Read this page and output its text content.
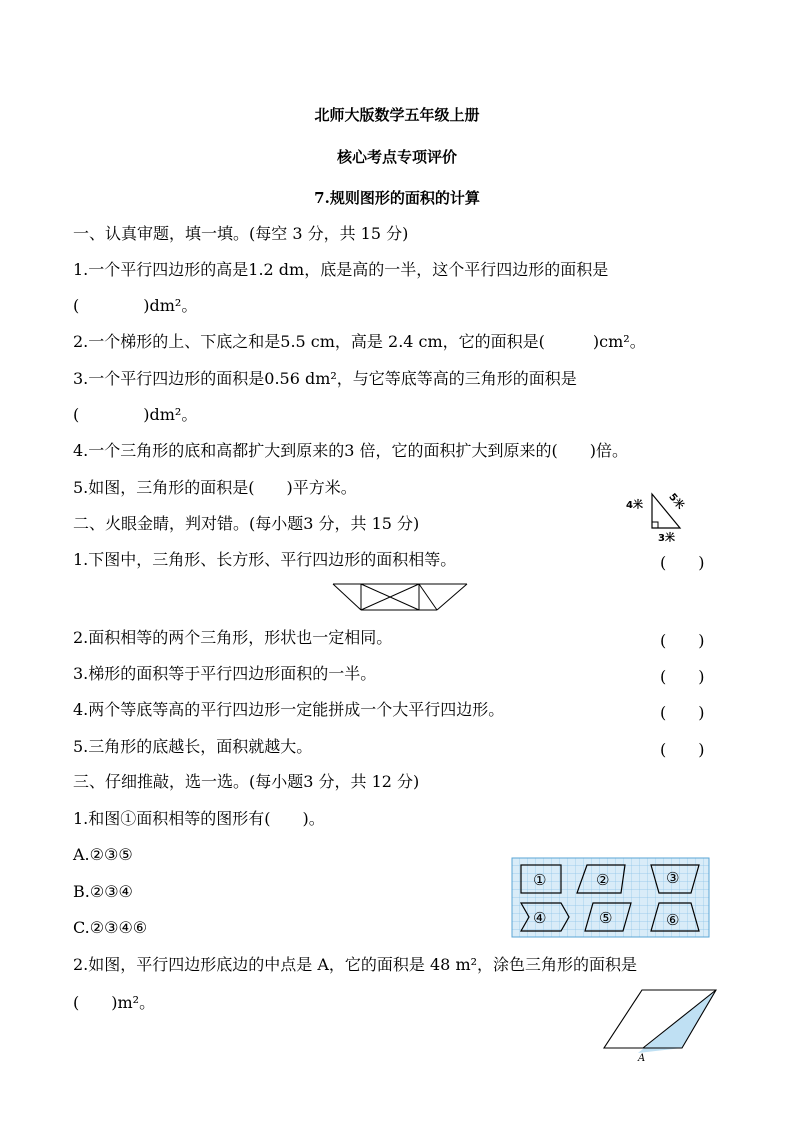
北师大版数学五年级上册
核心考点专项评价
7.规则图形的面积的计算
一、认真审题，填一填。(每空 3 分，共 15 分)
1.一个平行四边形的高是1.2 dm，底是高的一半，这个平行四边形的面积是
(　　　　)dm²。
2.一个梯形的上、下底之和是5.5 cm，高是 2.4 cm，它的面积是(　　　)cm²。
3.一个平行四边形的面积是0.56 dm²，与它等底等高的三角形的面积是
(　　　　)dm²。
4.一个三角形的底和高都扩大到原来的3 倍，它的面积扩大到原来的(　　)倍。
5.如图，三角形的面积是(　　)平方米。
4米 5米
3米
二、火眼金睛，判对错。(每小题3 分，共 15 分)
1.下图中，三角形、长方形、平行四边形的面积相等。	(　　)
2.面积相等的两个三角形，形状也一定相同。	(　　)
3.梯形的面积等于平行四边形面积的一半。	(　　)
4.两个等底等高的平行四边形一定能拼成一个大平行四边形。	(　　)
5.三角形的底越长，面积就越大。	(　　)
三、仔细推敲，选一选。(每小题3 分，共 12 分)
1.和图①面积相等的图形有(　　)。
A.②③⑤
B.②③④
C.②③④⑥
①	②	③
④	⑤	⑥
2.如图，平行四边形底边的中点是 A，它的面积是 48 m²，涂色三角形的面积是
(　　)m²。
A
